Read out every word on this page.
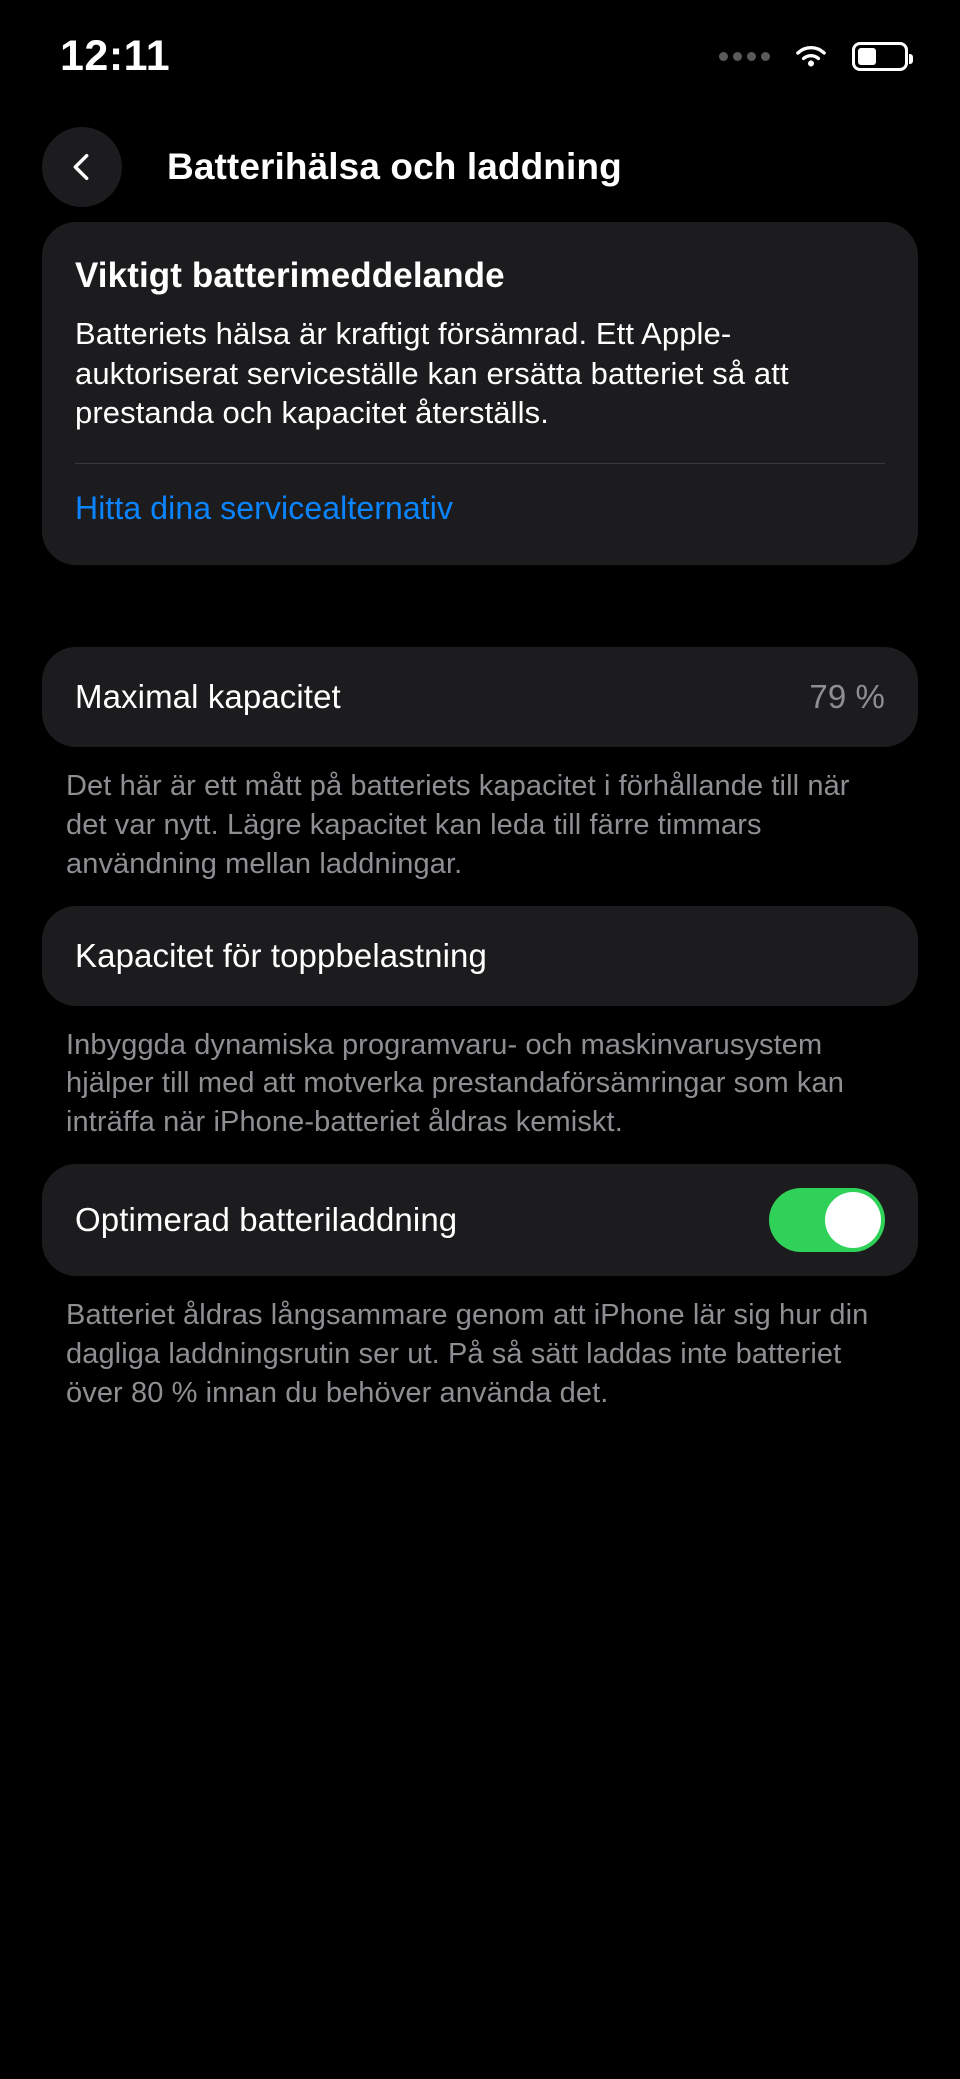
12:11
Batterihälsa och laddning
Viktigt batterimeddelande
Batteriets hälsa är kraftigt försämrad. Ett Apple-auktoriserat serviceställe kan ersätta batteriet så att prestanda och kapacitet återställs.
Hitta dina servicealternativ
Maximal kapacitet	79 %
Det här är ett mått på batteriets kapacitet i förhållande till när det var nytt. Lägre kapacitet kan leda till färre timmars användning mellan laddningar.
Kapacitet för toppbelastning
Inbyggda dynamiska programvaru- och maskinvarusystem hjälper till med att motverka prestandaförsämringar som kan inträffa när iPhone-batteriet åldras kemiskt.
Optimerad batteriladdning
Batteriet åldras långsammare genom att iPhone lär sig hur din dagliga laddningsrutin ser ut. På så sätt laddas inte batteriet över 80 % innan du behöver använda det.
